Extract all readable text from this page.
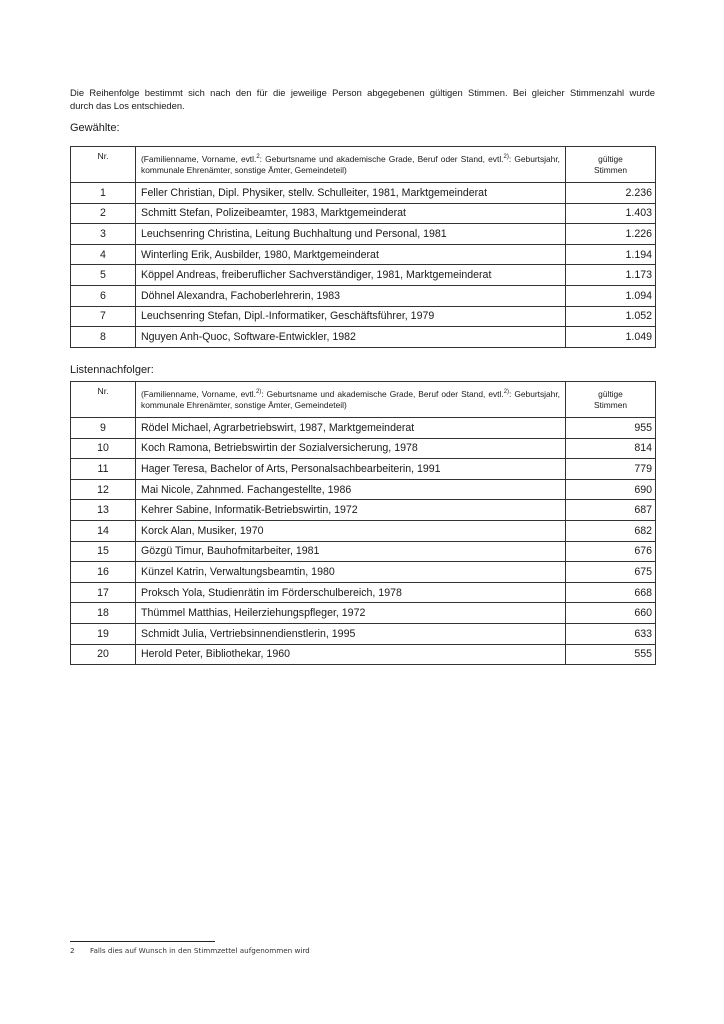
Die Reihenfolge bestimmt sich nach den für die jeweilige Person abgegebenen gültigen Stimmen. Bei gleicher Stimmenzahl wurde
durch das Los entschieden.
Gewählte:
Nr.	(Familienname, Vorname, evtl.$^2$: Geburtsname und akademische Grade, Beruf oder Stand, evtl.$^{2)}$: Geburtsjahr, kommunale Ehrenämter, sonstige Ämter, Gemeindeteil)	gültige
Stimmen
1	Feller Christian, Dipl. Physiker, stellv. Schulleiter, 1981, Marktgemeinderat	2.236
2	Schmitt Stefan, Polizeibeamter, 1983, Marktgemeinderat	1.403
3	Leuchsenring Christina, Leitung Buchhaltung und Personal, 1981	1.226
4	Winterling Erik, Ausbilder, 1980, Marktgemeinderat	1.194
5	Köppel Andreas, freiberuflicher Sachverständiger, 1981, Marktgemeinderat	1.173
6	Döhnel Alexandra, Fachoberlehrerin, 1983	1.094
7	Leuchsenring Stefan, Dipl.-Informatiker, Geschäftsführer, 1979	1.052
8	Nguyen Anh-Quoc, Software-Entwickler, 1982	1.049
Listennachfolger:
Nr.	(Familienname, Vorname, evtl.$^{2)}$: Geburtsname und akademische Grade, Beruf oder Stand, evtl.$^{2)}$: Geburtsjahr, kommunale Ehrenämter, sonstige Ämter, Gemeindeteil)	gültige
Stimmen
9	Rödel Michael, Agrarbetriebswirt, 1987, Marktgemeinderat	955
10	Koch Ramona, Betriebswirtin der Sozialversicherung, 1978	814
11	Hager Teresa, Bachelor of Arts, Personalsachbearbeiterin, 1991	779
12	Mai Nicole, Zahnmed. Fachangestellte, 1986	690
13	Kehrer Sabine, Informatik-Betriebswirtin, 1972	687
14	Korck Alan, Musiker, 1970	682
15	Gözgü Timur, Bauhofmitarbeiter, 1981	676
16	Künzel Katrin, Verwaltungsbeamtin, 1980	675
17	Proksch Yola, Studienrätin im Förderschulbereich, 1978	668
18	Thümmel Matthias, Heilerziehungspfleger, 1972	660
19	Schmidt Julia, Vertriebsinnendienstlerin, 1995	633
20	Herold Peter, Bibliothekar, 1960	555
2 Falls dies auf Wunsch in den Stimmzettel aufgenommen wird
